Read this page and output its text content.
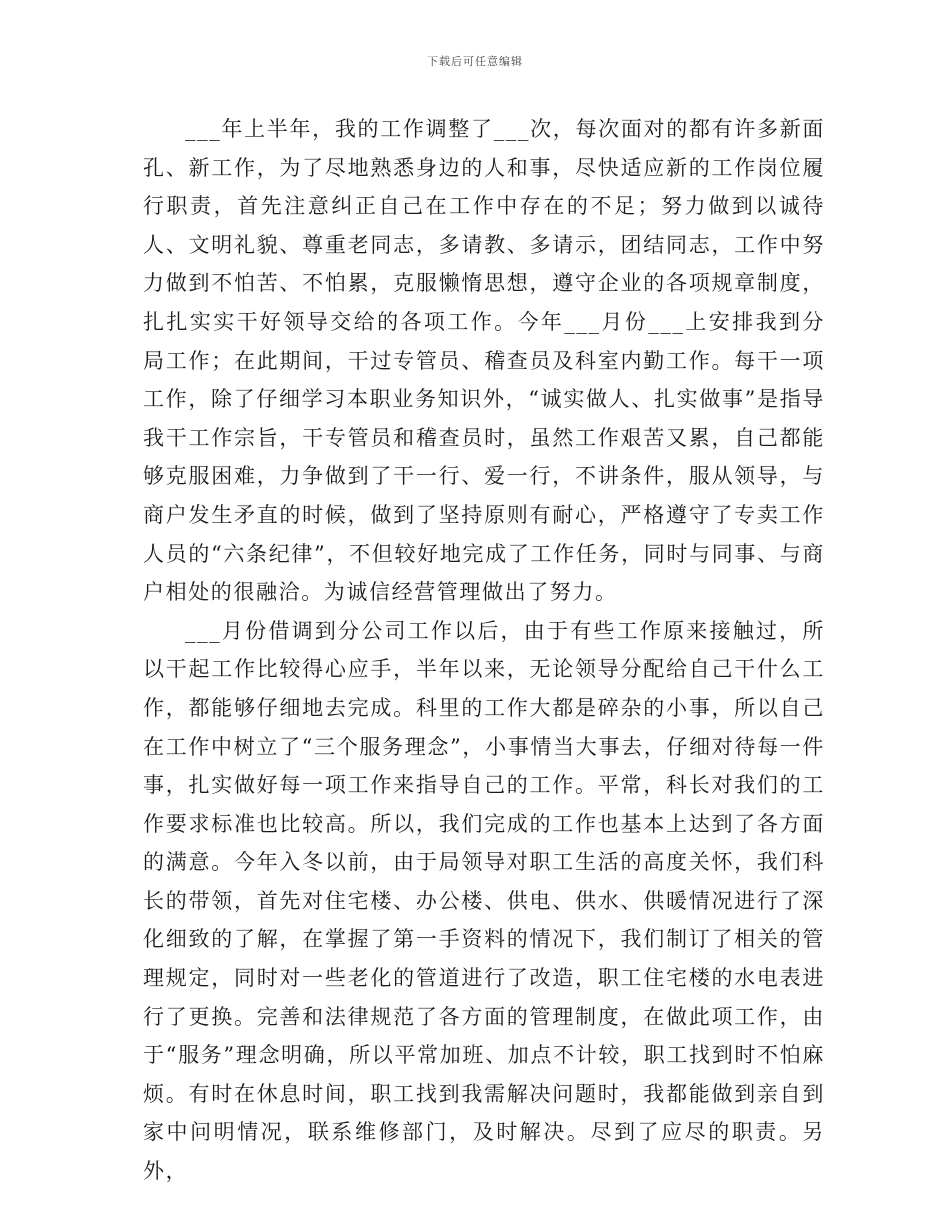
下载后可任意编辑

___年上半年，我的工作调整了___次，每次面对的都有许多新面孔、新工作，为了尽地熟悉身边的人和事，尽快适应新的工作岗位履行职责，首先注意纠正自己在工作中存在的不足；努力做到以诚待人、文明礼貌、尊重老同志，多请教、多请示，团结同志，工作中努力做到不怕苦、不怕累，克服懒惰思想，遵守企业的各项规章制度，扎扎实实干好领导交给的各项工作。今年___月份___上安排我到分局工作；在此期间，干过专管员、稽查员及科室内勤工作。每干一项工作，除了仔细学习本职业务知识外，“诚实做人、扎实做事”是指导我干工作宗旨，干专管员和稽查员时，虽然工作艰苦又累，自己都能够克服困难，力争做到了干一行、爱一行，不讲条件，服从领导，与商户发生矛直的时候，做到了坚持原则有耐心，严格遵守了专卖工作人员的“六条纪律”，不但较好地完成了工作任务，同时与同事、与商户相处的很融洽。为诚信经营管理做出了努力。

___月份借调到分公司工作以后，由于有些工作原来接触过，所以干起工作比较得心应手，半年以来，无论领导分配给自己干什么工作，都能够仔细地去完成。科里的工作大都是碎杂的小事，所以自己在工作中树立了“三个服务理念”，小事情当大事去，仔细对待每一件事，扎实做好每一项工作来指导自己的工作。平常，科长对我们的工作要求标准也比较高。所以，我们完成的工作也基本上达到了各方面的满意。今年入冬以前，由于局领导对职工生活的高度关怀，我们科长的带领，首先对住宅楼、办公楼、供电、供水、供暖情况进行了深化细致的了解，在掌握了第一手资料的情况下，我们制订了相关的管理规定，同时对一些老化的管道进行了改造，职工住宅楼的水电表进行了更换。完善和法律规范了各方面的管理制度，在做此项工作，由于“服务”理念明确，所以平常加班、加点不计较，职工找到时不怕麻烦。有时在休息时间，职工找到我需解决问题时，我都能做到亲自到家中问明情况，联系维修部门，及时解决。尽到了应尽的职责。另外，
